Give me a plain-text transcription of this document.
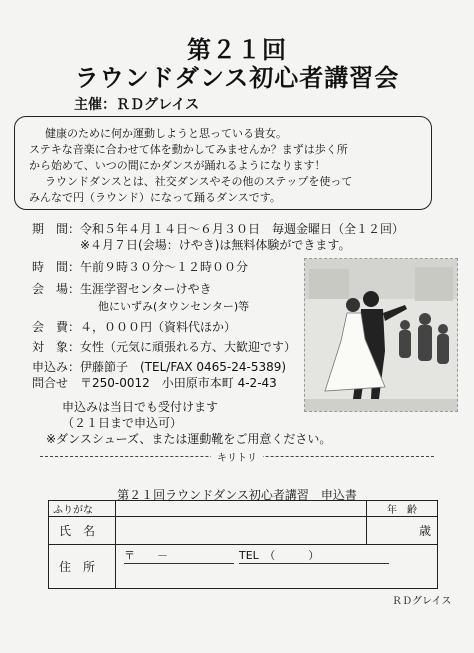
第２１回
ラウンドダンス初心者講習会
主催：ＲＤグレイス
健康のために何か運動しようと思っている貴女。
ステキな音楽に合わせて体を動かしてみませんか？まずは歩く所
から始めて、いつの間にかダンスが踊れるようになります！
ラウンドダンスとは、社交ダンスやその他のステップを使って
みんなで円（ラウンド）になって踊るダンスです。
期　間：令和５年４月１４日～６月３０日　毎週金曜日（全１２回）
※４月７日(会場：けやき)は無料体験ができます。
時　間：午前９時３０分～１２時００分
会　場：生涯学習センターけやき
他にいずみ(タウンセンター)等
会　費：４，０００円（資料代ほか）
対　象：女性（元気に頑張れる方、大歓迎です）
申込み：伊藤節子　(TEL/FAX 0465-24-5389)
問合せ 〒250-0012　小田原市本町 4-2-43
申込みは当日でも受付けます
（２１日まで申込可）
※ダンスシューズ、または運動靴をご用意ください。
キリトリ
第２１回ラウンドダンス初心者講習　申込書
ふりがな		年　齢
氏　名		歳
住　所	〒　　－ TEL　（　　　）	
ＲＤグレイス
